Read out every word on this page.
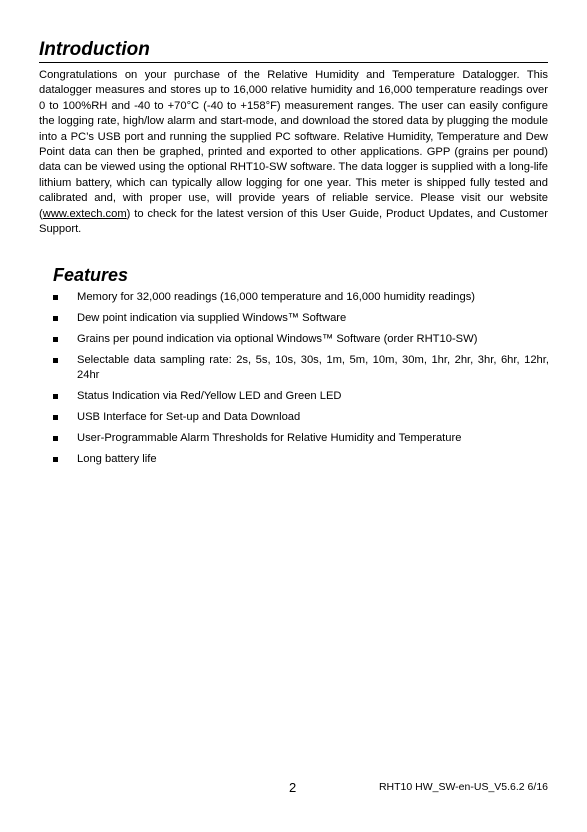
Introduction

Congratulations on your purchase of the Relative Humidity and Temperature Datalogger. This datalogger measures and stores up to 16,000 relative humidity and 16,000 temperature readings over 0 to 100%RH and -40 to +70°C (-40 to +158°F) measurement ranges. The user can easily configure the logging rate, high/low alarm and start-mode, and download the stored data by plugging the module into a PC’s USB port and running the supplied PC software. Relative Humidity, Temperature and Dew Point data can then be graphed, printed and exported to other applications. GPP (grains per pound) data can be viewed using the optional RHT10-SW software. The data logger is supplied with a long-life lithium battery, which can typically allow logging for one year. This meter is shipped fully tested and calibrated and, with proper use, will provide years of reliable service. Please visit our website (www.extech.com) to check for the latest version of this User Guide, Product Updates, and Customer Support.

Features
Memory for 32,000 readings (16,000 temperature and 16,000 humidity readings)
Dew point indication via supplied Windows™ Software
Grains per pound indication via optional Windows™ Software (order RHT10-SW)
Selectable data sampling rate: 2s, 5s, 10s, 30s, 1m, 5m, 10m, 30m, 1hr, 2hr, 3hr, 6hr, 12hr, 24hr
Status Indication via Red/Yellow LED and Green LED
USB Interface for Set-up and Data Download
User-Programmable Alarm Thresholds for Relative Humidity and Temperature
Long battery life
2	RHT10 HW_SW-en-US_V5.6.2 6/16
